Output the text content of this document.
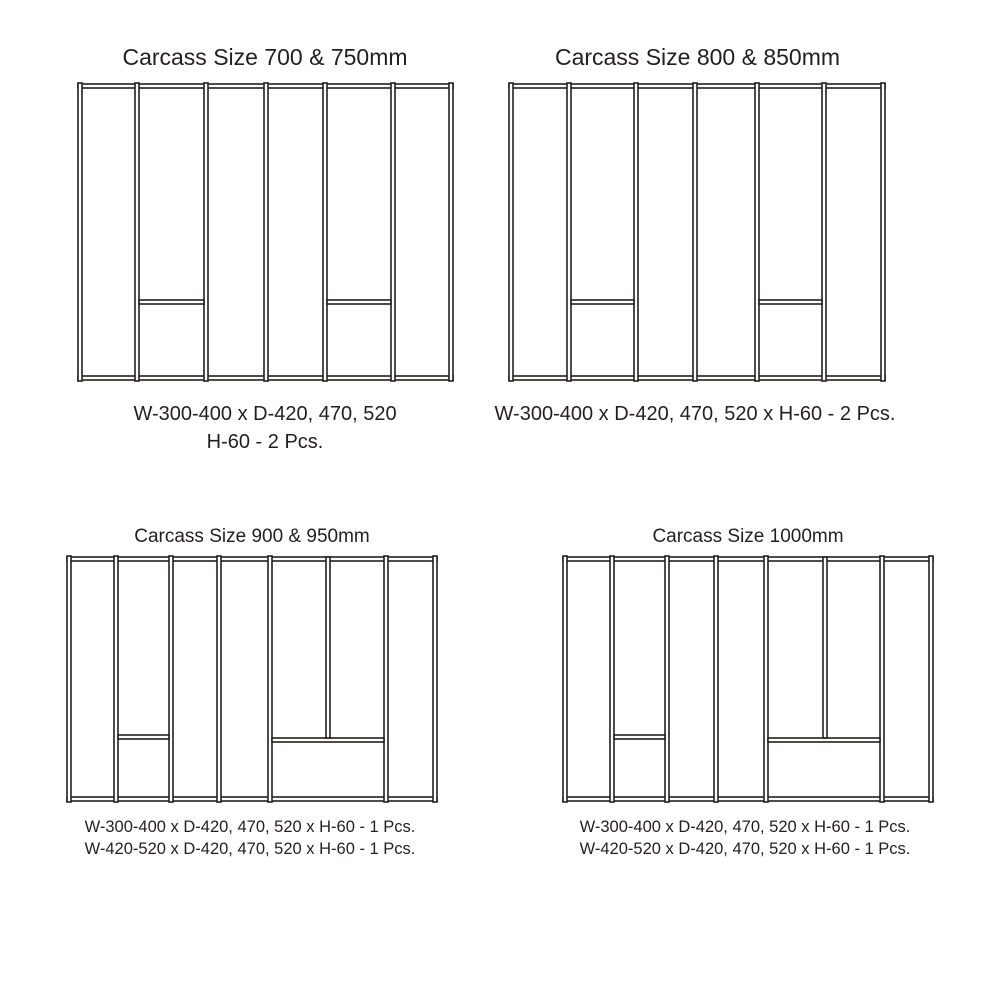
Carcass Size 700 & 750mm	Carcass Size 800 & 850mm
Carcass Size 900 & 950mm	Carcass Size 1000mm
W-300-400 x D-420, 470, 520
H-60 - 2 Pcs.
W-300-400 x D-420, 470, 520 x H-60 - 2 Pcs.
W-300-400 x D-420, 470, 520 x H-60 - 1 Pcs.
W-420-520 x D-420, 470, 520 x H-60 - 1 Pcs.
W-300-400 x D-420, 470, 520 x H-60 - 1 Pcs.
W-420-520 x D-420, 470, 520 x H-60 - 1 Pcs.
